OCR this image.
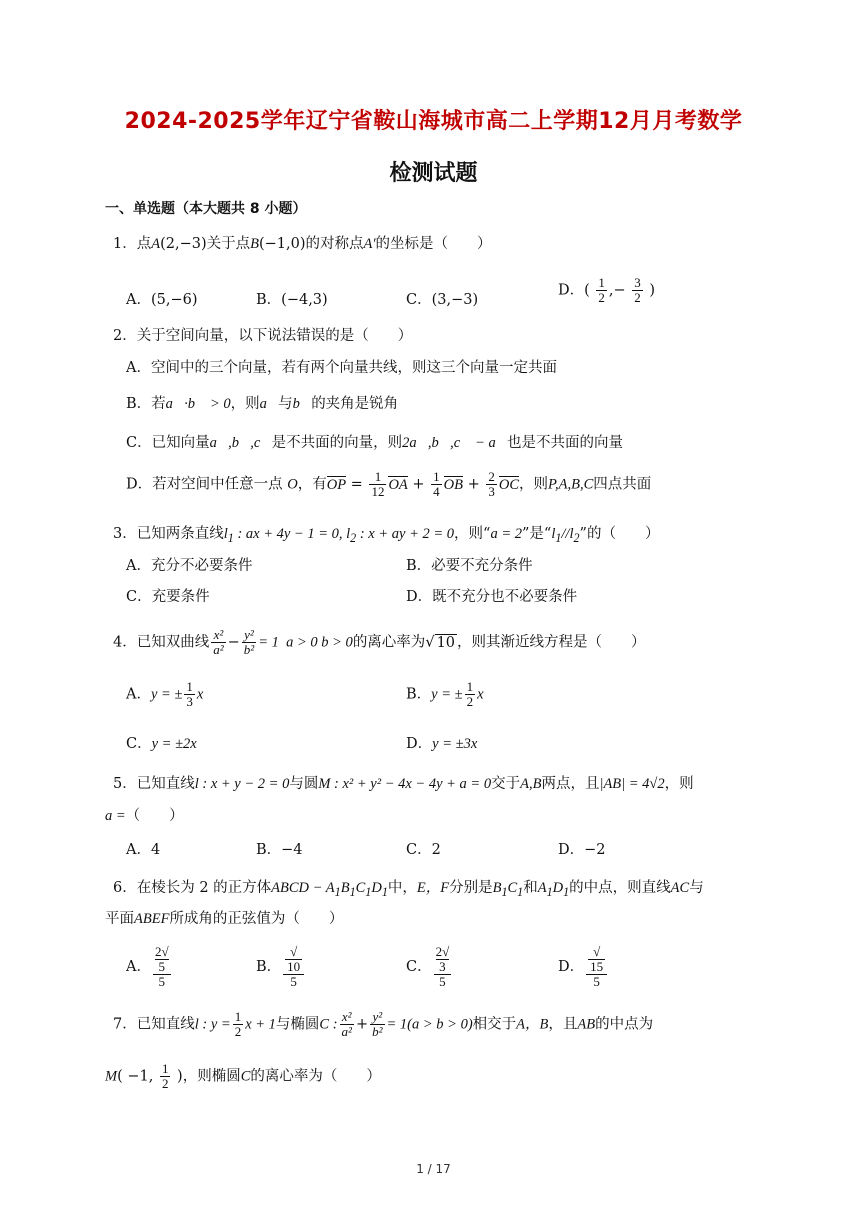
2024-2025学年辽宁省鞍山海城市高二上学期12月月考数学
检测试题
一、单选题（本大题共 8 小题）
1．点A(2,−3)关于点B(−1,0)的对称点A′的坐标是（　　）
A．(5,−6)	B．(−4,3)	C．(3,−3)
D．( $\frac{1}{2}$ ,− $\frac{3}{2}$ )
2．关于空间向量，以下说法错误的是（　　）
A．空间中的三个向量，若有两个向量共线，则这三个向量一定共面
B．若a⃗·b⃗ > 0，则a⃗与b⃗的夹角是锐角
C．已知向量a⃗,b⃗,c⃗是不共面的向量，则2a⃗,b⃗,c⃗ − a⃗也是不共面的向量
D．若对空间中任意一点 O，有OP = $\frac{1}{12}$ OA + $\frac{1}{4}$ OB + $\frac{2}{3}$ OC，则P,A,B,C四点共面
3．已知两条直线$l_1$ : ax + 4y − 1 = 0, $l_2$ : x + ay + 2 = 0，则“a = 2”是“$l_1//l_2$”的（　　）
A．充分不必要条件	B．必要不充分条件
C．充要条件	D．既不充分也不必要条件
4．已知双曲线 $\frac{\text{x²}}{\text{a²}} - \frac{\text{y²}}{\text{b²}} = 1$  a > 0 b > 0的离心率为√ 10 ，则其渐近线方程是（　　）
A．y = ± $\frac{1}{3}$ x	B．y = ± $\frac{1}{2}$ x
C．y = ±2x	D．y = ±3x
5．已知直线l : x + y − 2 = 0与圆M : x² + y² − 4x − 4y + a = 0交于A,B两点，且|AB| = 4√2，则
a =（　　）
A．4	B．−4	C．2	D．−2
6．在棱长为 2 的正方体ABCD − $A_1B_1C_1D_1$中，E，F分别是$B_1C_1$和$A_1D_1$的中点，则直线AC与
平面ABEF所成角的正弦值为（　　）
A． 2√
5
5	B． √
10
5	C． 2√
3
5	D． √
15
5
7．已知直线l : $y = \frac{1}{2}$ x + 1与椭圆C : $\frac{\text{x²}}{\text{a²}} + \frac{\text{y²}}{\text{b²}} = 1(a > b > 0)$相交于A，B，且AB的中点为
M( −1, $\frac{1}{2}$ )，则椭圆C的离心率为（　　）
1 / 17
